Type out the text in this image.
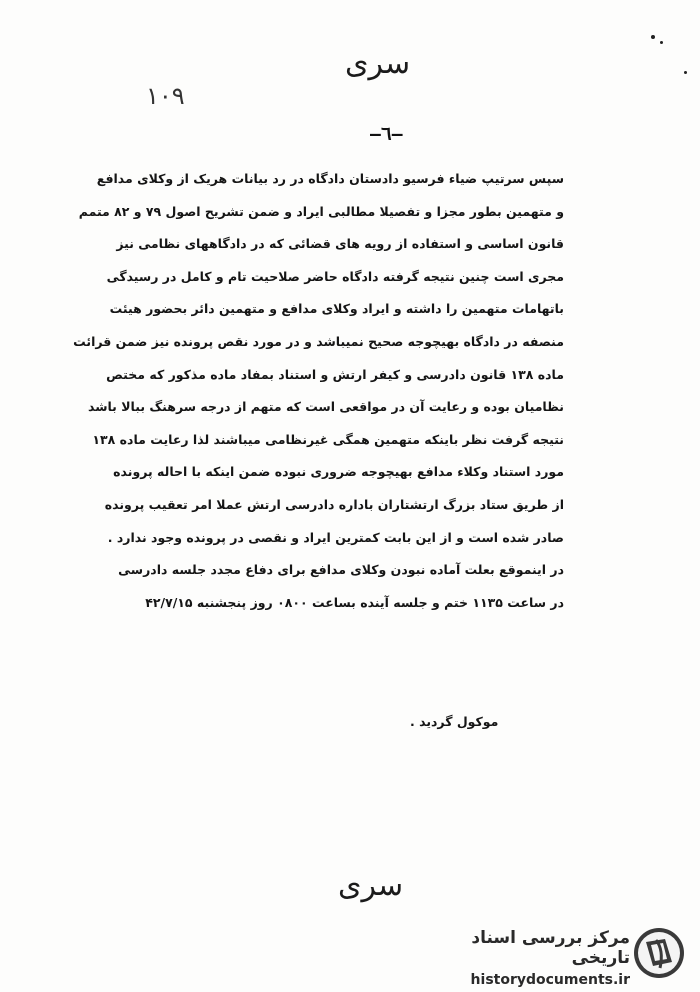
سری
۱۰۹
—٦—
سپس سرتیپ ضیاء فرسیو دادستان دادگاه در رد بیانات هریک از وکلای مدافع
و متهمین بطور مجزا و تفصیلا مطالبی ایراد و ضمن تشریح اصول ۷۹ و ۸۲ متمم
قانون اساسی و استفاده از رویه های قضائی که در دادگاههای نظامی نیز
مجری است چنین نتیجه گرفته دادگاه حاضر صلاحیت تام و کامل در رسیدگی
باتهامات متهمین را داشته و ایراد وکلای مدافع و متهمین دائر بحضور هیئت
منصفه در دادگاه بهیچوجه صحیح نمیباشد و در مورد نقص پرونده نیز ضمن قرائت
ماده ۱۳۸ قانون دادرسی و کیفر ارتش و استناد بمفاد ماده مذکور که مختص
نظامیان بوده و رعایت آن در مواقعی است که متهم از درجه سرهنگ ببالا باشد
نتیجه گرفت نظر باینکه متهمین همگی غیرنظامی میباشند لذا رعایت ماده ۱۳۸
مورد استناد وکلاء مدافع بهیچوجه ضروری نبوده ضمن اینکه با احاله پرونده
از طریق ستاد بزرگ ارتشتاران باداره دادرسی ارتش عملا امر تعقیب پرونده
صادر شده است و از این بابت کمترین ایراد و نقصی در پرونده وجود ندارد .
در اینموقع بعلت آماده نبودن وکلای مدافع برای دفاع مجدد جلسه دادرسی
در ساعت ۱۱۳۵ ختم و جلسه آینده بساعت ۰۸۰۰ روز پنجشنبه ۴۲/۷/۱۵
موکول گردید .
سری
مرکز بررسی اسناد تاریخی
historydocuments.ir
